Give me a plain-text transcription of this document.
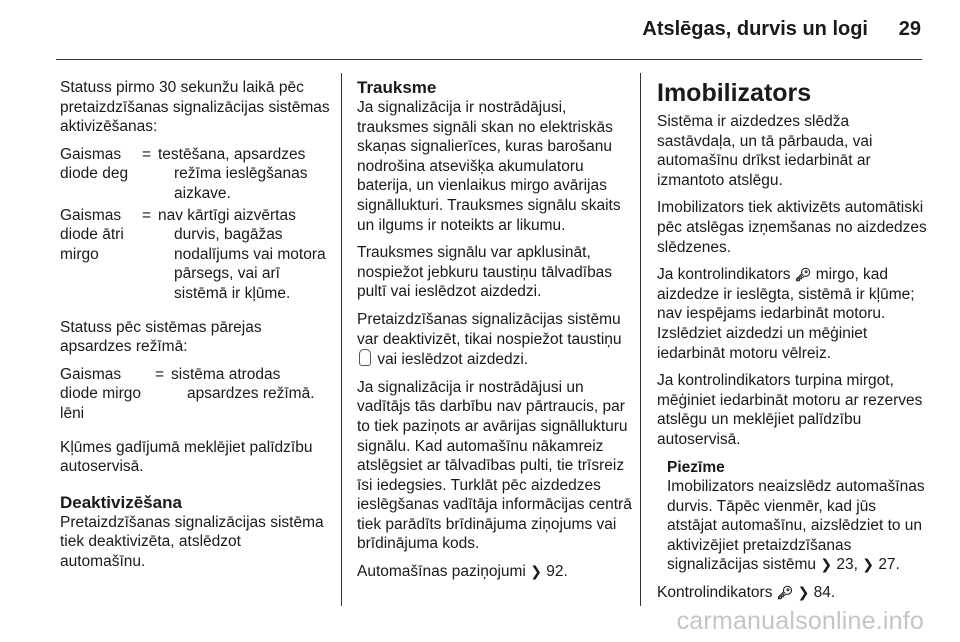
Atslēgas, durvis un logi 29

Statuss pirmo 30 sekunžu laikā pēc pretaizdzīšanas signalizācijas sistēmas aktivizēšanas:

Gaismas diode deg
= testēšana, apsardzes
režīma ieslēgšanas aizkave.
Gaismas diode ātri mirgo
= nav kārtīgi aizvērtas
durvis, bagāžas nodalījums vai motora pārsegs, vai arī sistēmā ir kļūme.

Statuss pēc sistēmas pārejas apsardzes režīmā:

Gaismas diode mirgo lēni
= sistēma atrodas
apsardzes režīmā.

Kļūmes gadījumā meklējiet palīdzību autoservisā.

Deaktivizēšana

Pretaizdzīšanas signalizācijas sistēma tiek deaktivizēta, atslēdzot automašīnu.

Trauksme

Ja signalizācija ir nostrādājusi, trauksmes signāli skan no elektriskās skaņas signalierīces, kuras barošanu nodrošina atsevišķa akumulatoru baterija, un vienlaikus mirgo avārijas signāllukturi. Trauksmes signālu skaits un ilgums ir noteikts ar likumu.

Trauksmes signālu var apklusināt, nospiežot jebkuru taustiņu tālvadības pultī vai ieslēdzot aizdedzi.

Pretaizdzīšanas signalizācijas sistēmu var deaktivizēt, tikai nospiežot taustiņu  vai ieslēdzot aizdedzi.

Ja signalizācija ir nostrādājusi un vadītājs tās darbību nav pārtraucis, par to tiek paziņots ar avārijas signāllukturu signālu. Kad automašīnu nākamreiz atslēgsiet ar tālvadības pulti, tie trīsreiz īsi iedegsies. Turklāt pēc aizdedzes ieslēgšanas vadītāja informācijas centrā tiek parādīts brīdinājuma ziņojums vai brīdinājuma kods.

Automašīnas paziņojumi ❯ 92.

Imobilizators

Sistēma ir aizdedzes slēdža sastāvdaļa, un tā pārbauda, vai automašīnu drīkst iedarbināt ar izmantoto atslēgu.

Imobilizators tiek aktivizēts automātiski pēc atslēgas izņemšanas no aizdedzes slēdzenes.

Ja kontrolindikators 🔑︎ mirgo, kad aizdedze ir ieslēgta, sistēmā ir kļūme; nav iespējams iedarbināt motoru. Izslēdziet aizdedzi un mēģiniet iedarbināt motoru vēlreiz.

Ja kontrolindikators turpina mirgot, mēģiniet iedarbināt motoru ar rezerves atslēgu un meklējiet palīdzību autoservisā.

Piezīme
Imobilizators neaizslēdz automašīnas durvis. Tāpēc vienmēr, kad jūs atstājat automašīnu, aizslēdziet to un aktivizējiet pretaizdzīšanas signalizācijas sistēmu ❯ 23, ❯ 27.

Kontrolindikators 🔑︎ ❯ 84.

carmanualsonline.info
